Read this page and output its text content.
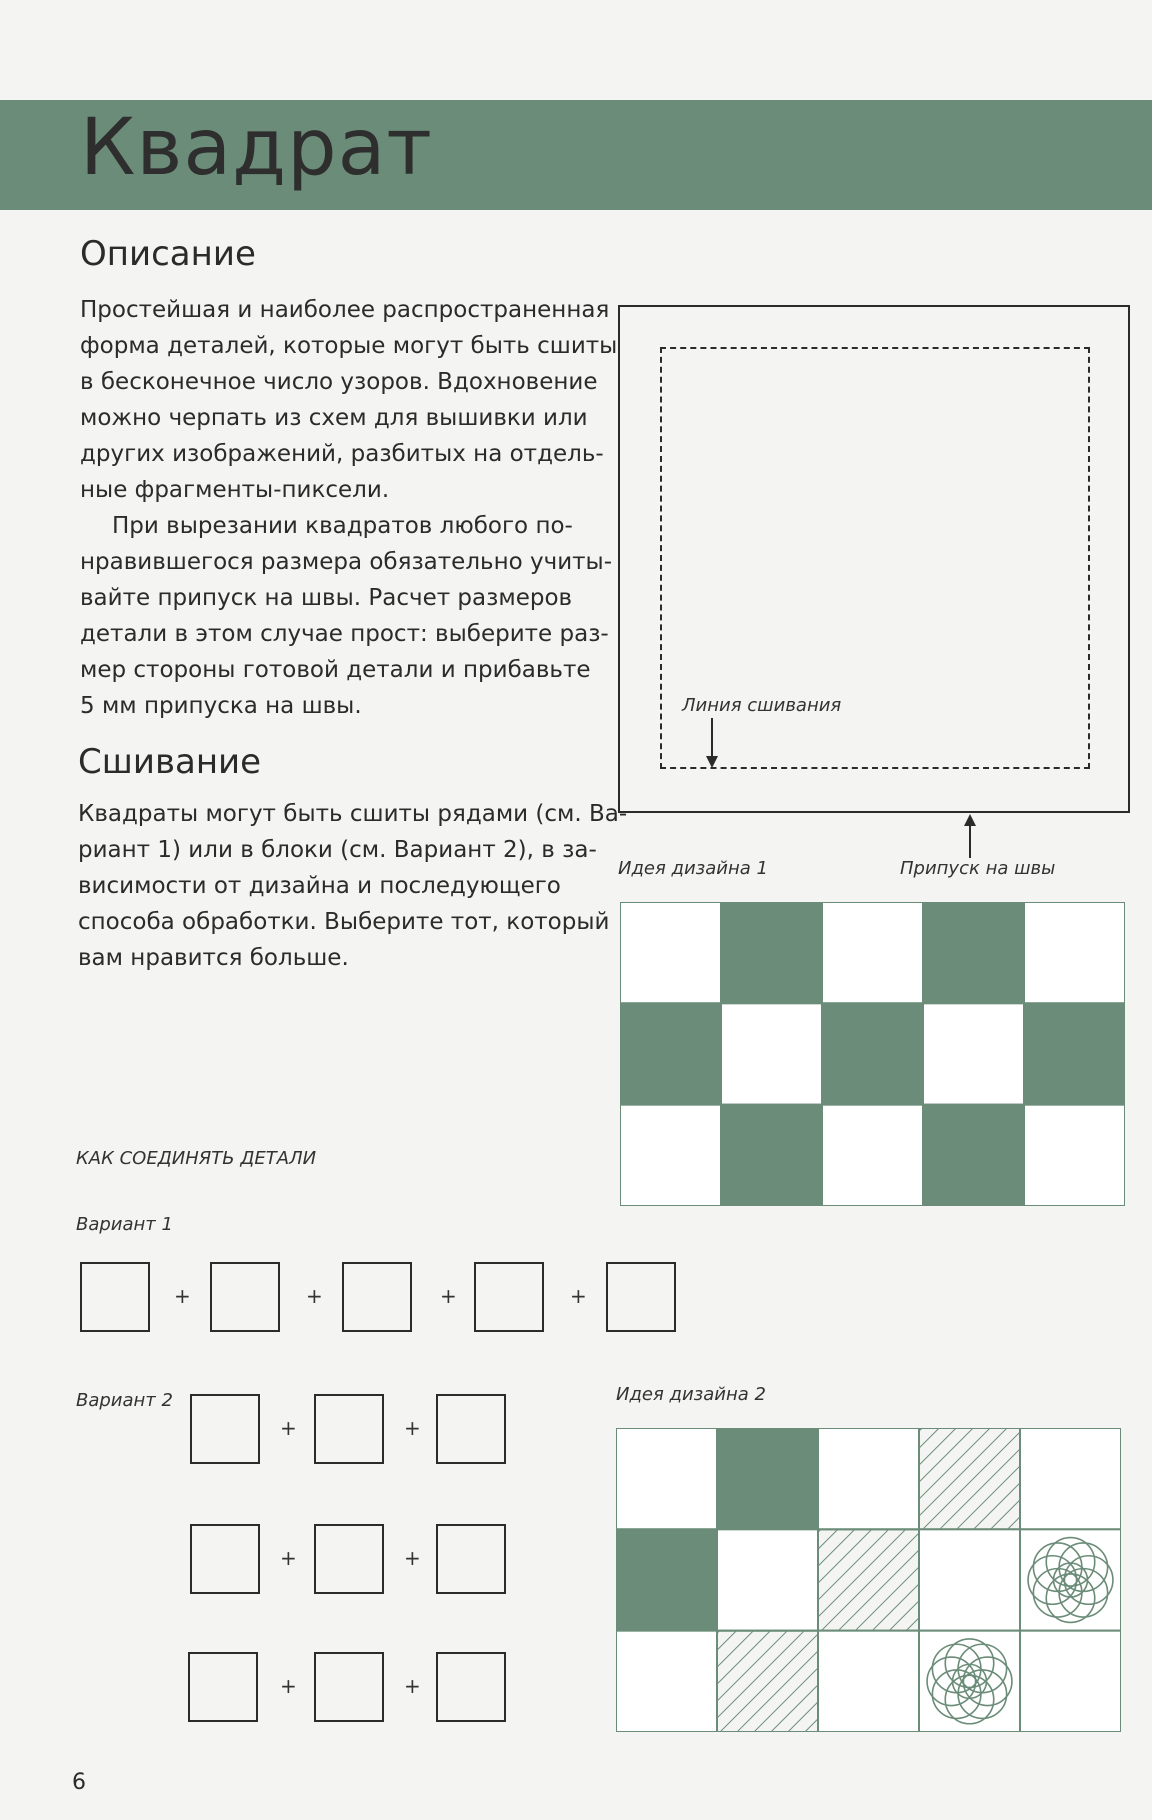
Квадрат
Описание
Простейшая и наиболее распространенная
форма деталей, которые могут быть сшиты
в бесконечное число узоров. Вдохновение
можно черпать из схем для вышивки или
других изображений, разбитых на отдель-
ные фрагменты-пиксели.
При вырезании квадратов любого по-
нравившегося размера обязательно учиты-
вайте припуск на швы. Расчет размеров
детали в этом случае прост: выберите раз-
мер стороны готовой детали и прибавьте
5 мм припуска на швы.
Сшивание
Квадраты могут быть сшиты рядами (см. Ва-
риант 1) или в блоки (см. Вариант 2), в за-
висимости от дизайна и последующего
способа обработки. Выберите тот, который
вам нравится больше.
Линия сшивания
Припуск на швы
Идея дизайна 1
КАК СОЕДИНЯТЬ ДЕТАЛИ
Вариант 1
Вариант 2
+	+	+	+
+	+
+	+
+	+
Идея дизайна 2
6
